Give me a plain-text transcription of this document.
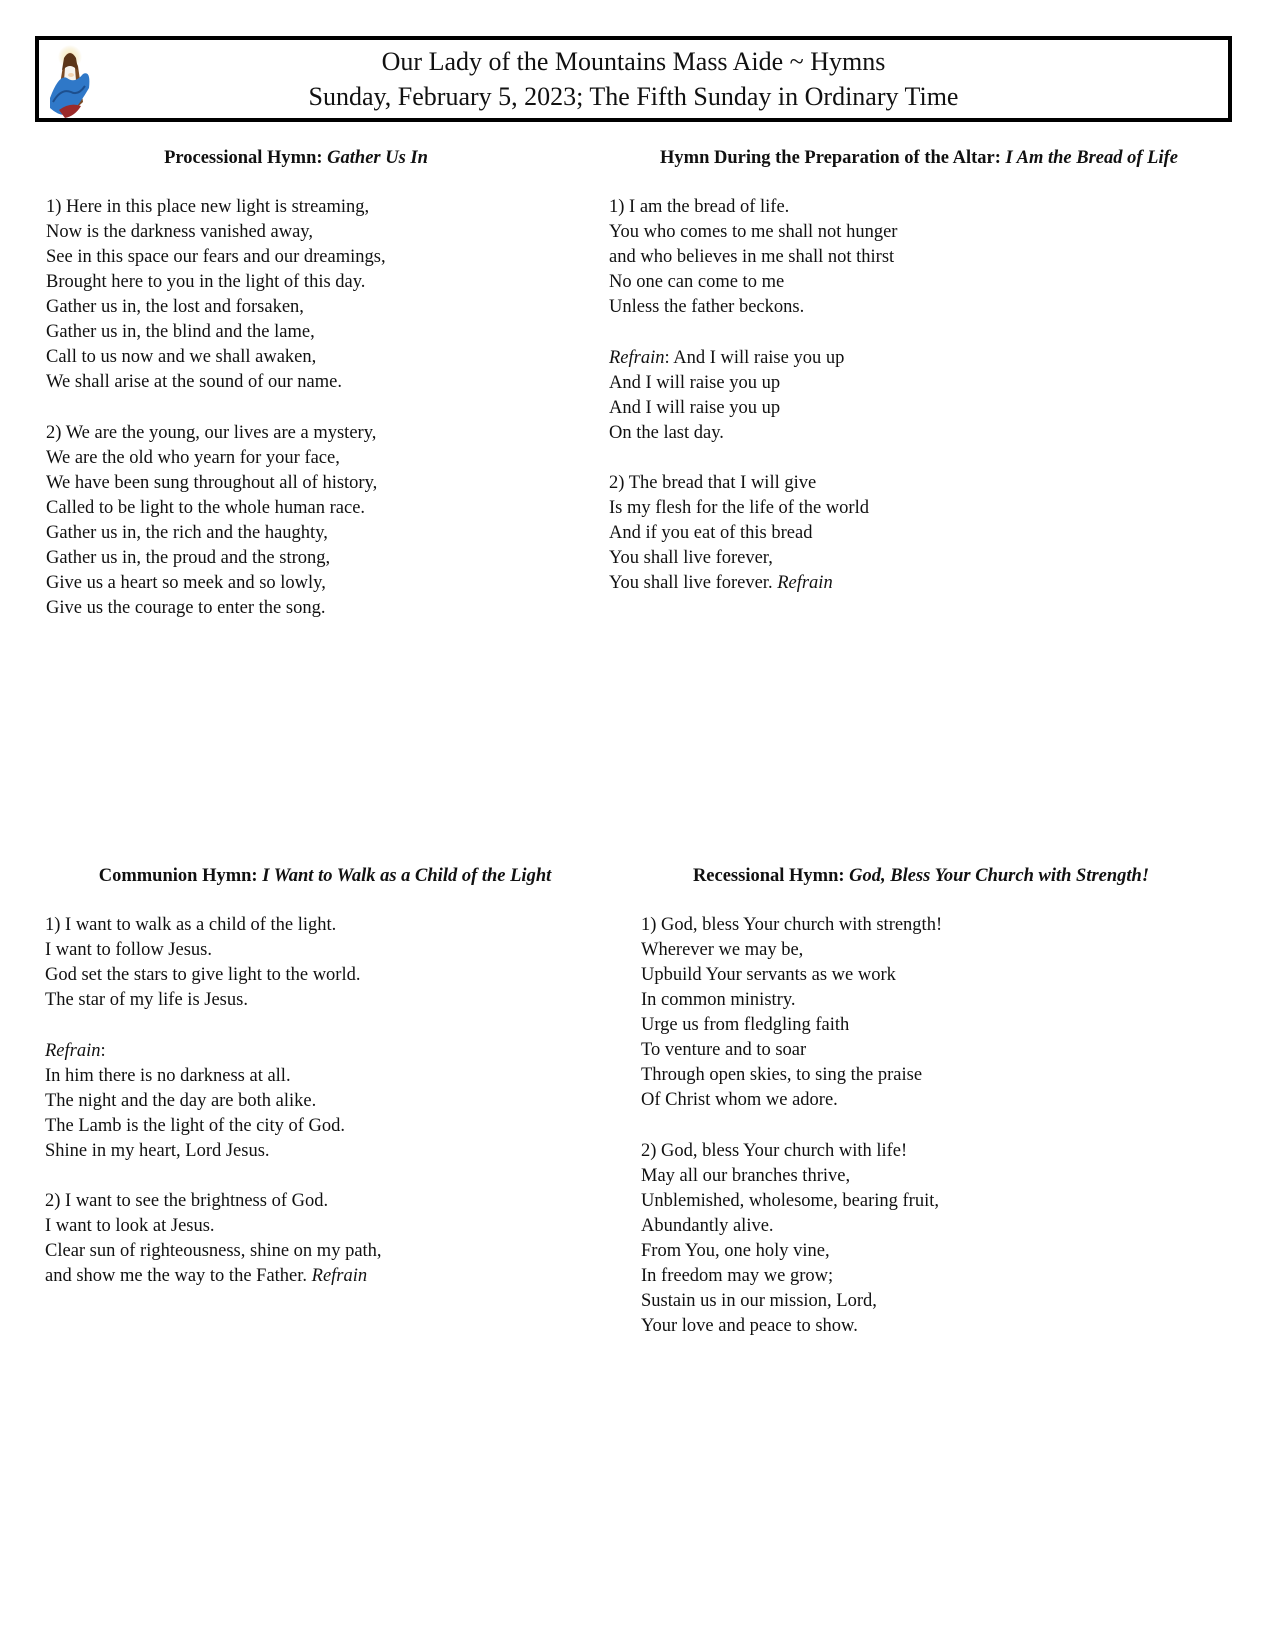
Our Lady of the Mountains Mass Aide ~ Hymns
Sunday, February 5, 2023; The Fifth Sunday in Ordinary Time
Processional Hymn: Gather Us In
1) Here in this place new light is streaming,
Now is the darkness vanished away,
See in this space our fears and our dreamings,
Brought here to you in the light of this day.
Gather us in, the lost and forsaken,
Gather us in, the blind and the lame,
Call to us now and we shall awaken,
We shall arise at the sound of our name.
2) We are the young, our lives are a mystery,
We are the old who yearn for your face,
We have been sung throughout all of history,
Called to be light to the whole human race.
Gather us in, the rich and the haughty,
Gather us in, the proud and the strong,
Give us a heart so meek and so lowly,
Give us the courage to enter the song.
Hymn During the Preparation of the Altar: I Am the Bread of Life
1) I am the bread of life.
You who comes to me shall not hunger
and who believes in me shall not thirst
No one can come to me
Unless the father beckons.
Refrain: And I will raise you up
And I will raise you up
And I will raise you up
On the last day.
2) The bread that I will give
Is my flesh for the life of the world
And if you eat of this bread
You shall live forever,
You shall live forever. Refrain
Communion Hymn: I Want to Walk as a Child of the Light
1) I want to walk as a child of the light.
I want to follow Jesus.
God set the stars to give light to the world.
The star of my life is Jesus.
Refrain:
In him there is no darkness at all.
The night and the day are both alike.
The Lamb is the light of the city of God.
Shine in my heart, Lord Jesus.
2) I want to see the brightness of God.
I want to look at Jesus.
Clear sun of righteousness, shine on my path,
and show me the way to the Father. Refrain
Recessional Hymn: God, Bless Your Church with Strength!
1) God, bless Your church with strength!
Wherever we may be,
Upbuild Your servants as we work
In common ministry.
Urge us from fledgling faith
To venture and to soar
Through open skies, to sing the praise
Of Christ whom we adore.
2) God, bless Your church with life!
May all our branches thrive,
Unblemished, wholesome, bearing fruit,
Abundantly alive.
From You, one holy vine,
In freedom may we grow;
Sustain us in our mission, Lord,
Your love and peace to show.
